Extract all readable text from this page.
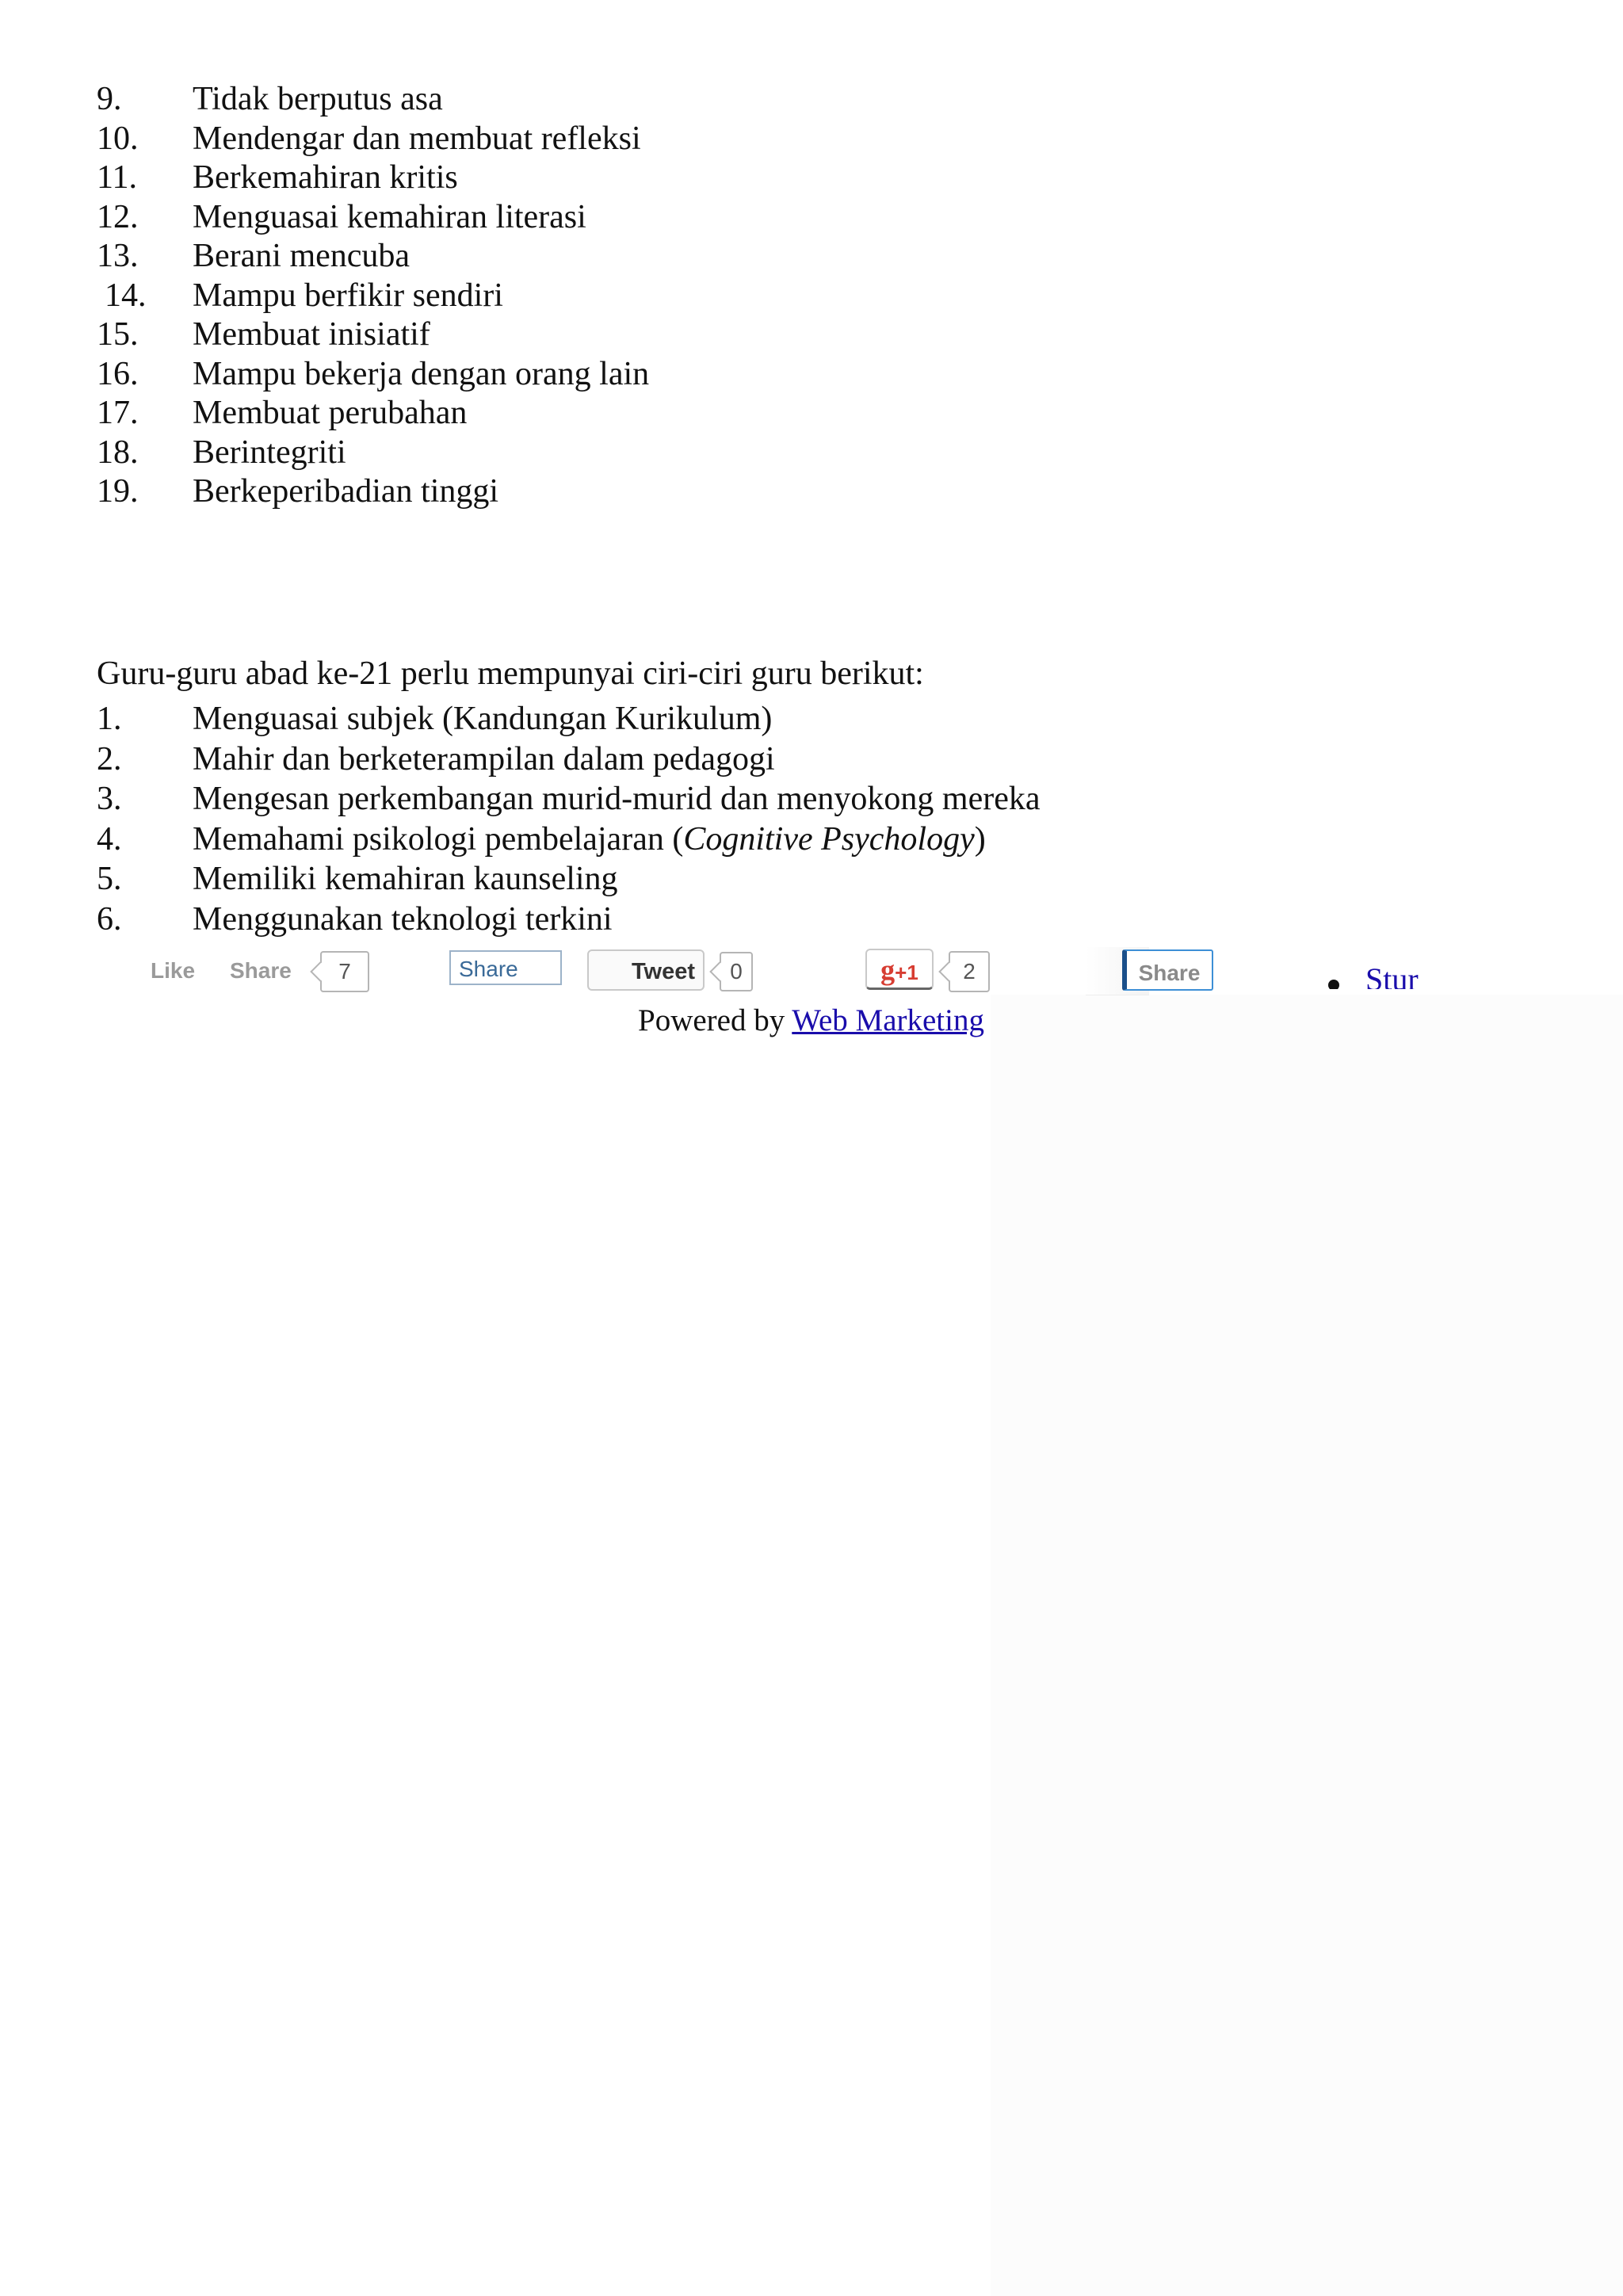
9. Tidak berputus asa
10. Mendengar dan membuat refleksi
11. Berkemahiran kritis
12. Menguasai kemahiran literasi
13. Berani mencuba
14. Mampu berfikir sendiri
15. Membuat inisiatif
16. Mampu bekerja dengan orang lain
17. Membuat perubahan
18. Berintegriti
19. Berkeperibadian tinggi

Guru-guru abad ke-21 perlu mempunyai ciri-ciri guru berikut:

1. Menguasai subjek (Kandungan Kurikulum)
2. Mahir dan berketerampilan dalam pedagogi
3. Mengesan perkembangan murid-murid dan menyokong mereka
4. Memahami psikologi pembelajaran (Cognitive Psychology)
5. Memiliki kemahiran kaunseling
6. Menggunakan teknologi terkini
Like Share	7	Share	Tweet	0	g+1	2	Share	Stur
Powered by Web Marketing
